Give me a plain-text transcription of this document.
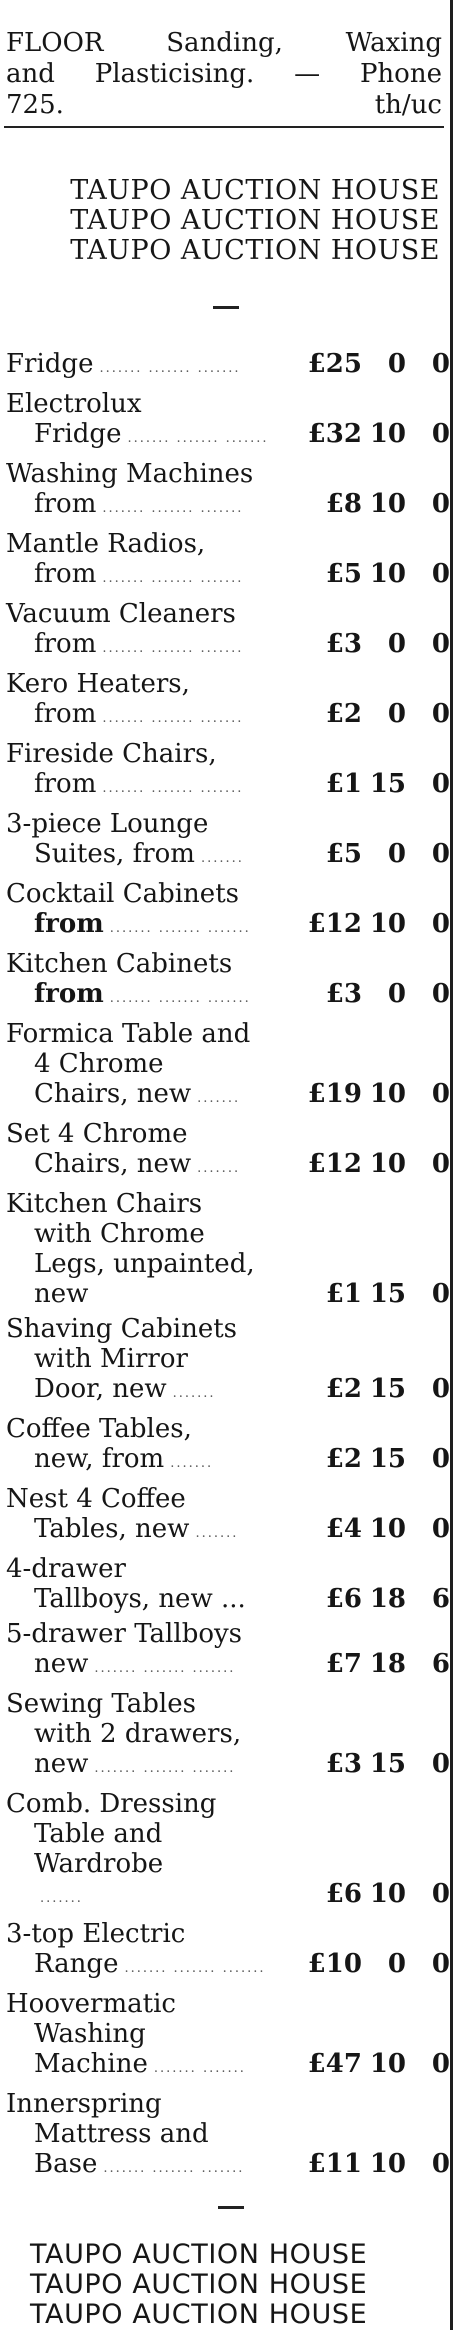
FLOOR Sanding, Waxing
and Plasticising. — Phone
725.	th/uc
TAUPO AUCTION HOUSE
TAUPO AUCTION HOUSE
TAUPO AUCTION HOUSE
Fridge ....... ....... .......	£25 0 0
Electrolux
Fridge ....... ....... .......	£32 10 0
Washing Machines
from ....... ....... .......	£8 10 0
Mantle Radios,
from ....... ....... .......	£5 10 0
Vacuum Cleaners
from ....... ....... .......	£3 0 0
Kero Heaters,
from ....... ....... .......	£2 0 0
Fireside Chairs,
from ....... ....... .......	£1 15 0
3-piece Lounge
Suites, from .......	£5 0 0
Cocktail Cabinets
from ....... ....... .......	£12 10 0
Kitchen Cabinets
from ....... ....... .......	£3 0 0
Formica Table and
4 Chrome
Chairs, new .......	£19 10 0
Set 4 Chrome
Chairs, new .......	£12 10 0
Kitchen Chairs
with Chrome
Legs, unpainted,
new	£1 15 0
Shaving Cabinets
with Mirror
Door, new .......	£2 15 0
Coffee Tables,
new, from .......	£2 15 0
Nest 4 Coffee
Tables, new .......	£4 10 0
4-drawer
Tallboys, new ...	£6 18 6
5-drawer Tallboys
new ....... ....... .......	£7 18 6
Sewing Tables
with 2 drawers,
new ....... ....... .......	£3 15 0
Comb. Dressing
Table and
Wardrobe
.......	£6 10 0
3-top Electric
Range ....... ....... .......	£10 0 0
Hoovermatic
Washing
Machine ....... .......	£47 10 0
Innerspring
Mattress and
Base ....... ....... .......	£11 10 0
TAUPO AUCTION HOUSE
TAUPO AUCTION HOUSE
TAUPO AUCTION HOUSE
